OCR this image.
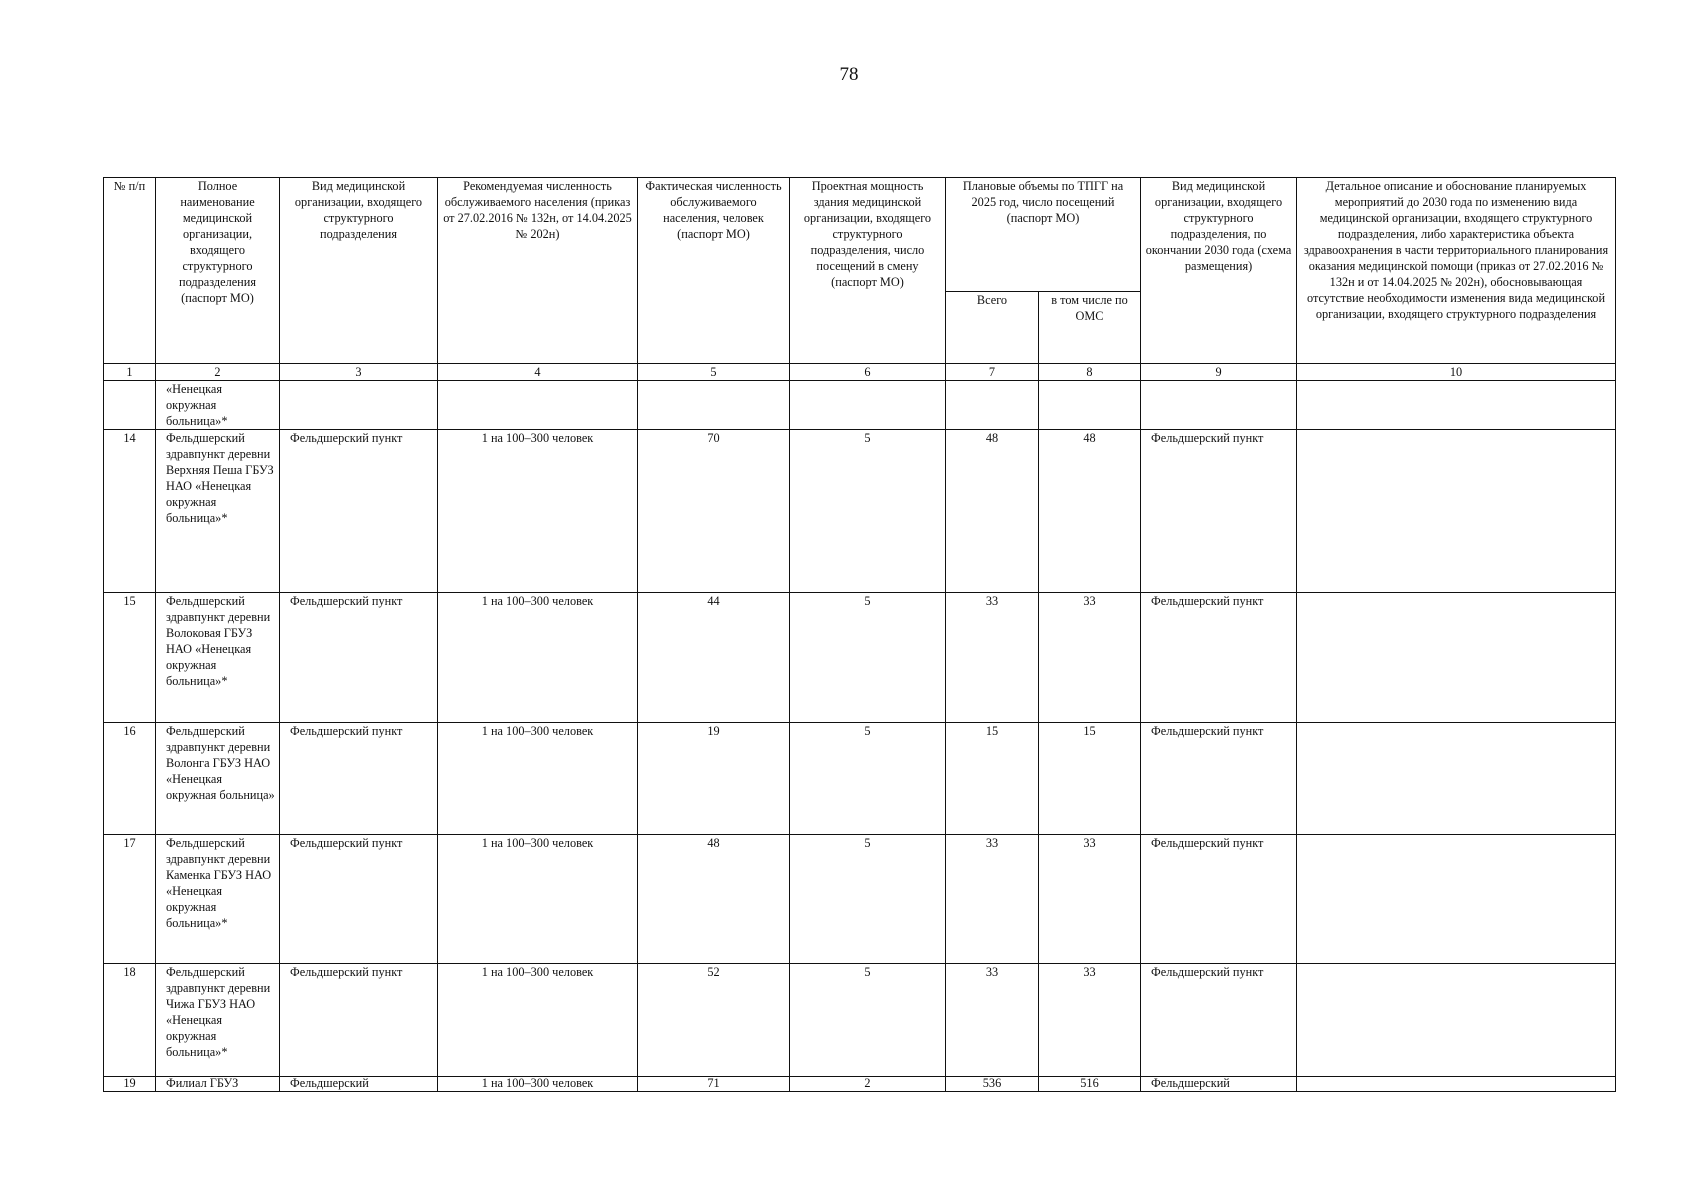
78
№ п/п	Полное наименование медицинской организации, входящего структурного подразделения (паспорт МО)	Вид медицинской организации, входящего структурного подразделения	Рекомендуемая численность обслуживаемого населения (приказ от 27.02.2016 № 132н, от 14.04.2025 № 202н)	Фактическая численность обслуживаемого населения, человек (паспорт МО)	Проектная мощность здания медицинской организации, входящего структурного подразделения, число посещений в смену (паспорт МО)	Плановые объемы по ТПГГ на 2025 год, число посещений (паспорт МО)		Вид медицинской организации, входящего структурного подразделения, по окончании 2030 года (схема размещения)	Детальное описание и обоснование планируемых мероприятий до 2030 года по изменению вида медицинской организации, входящего структурного подразделения, либо характеристика объекта здравоохранения в части территориального планирования оказания медицинской помощи (приказ от 27.02.2016 № 132н и от 14.04.2025 № 202н), обосновывающая отсутствие необходимости изменения вида медицинской организации, входящего структурного подразделения
						Всего	в том числе по ОМС		
1	2	3	4	5	6	7	8	9	10
	«Ненецкая окружная больница»*								
14	Фельдшерский здравпункт деревни Верхняя Пеша ГБУЗ НАО «Ненецкая окружная больница»*	Фельдшерский пункт	1 на 100–300 человек	70	5	48	48	Фельдшерский пункт	
15	Фельдшерский здравпункт деревни Волоковая ГБУЗ НАО «Ненецкая окружная больница»*	Фельдшерский пункт	1 на 100–300 человек	44	5	33	33	Фельдшерский пункт	
16	Фельдшерский здравпункт деревни Волонга ГБУЗ НАО «Ненецкая окружная больница»	Фельдшерский пункт	1 на 100–300 человек	19	5	15	15	Фельдшерский пункт	
17	Фельдшерский здравпункт деревни Каменка ГБУЗ НАО «Ненецкая окружная больница»*	Фельдшерский пункт	1 на 100–300 человек	48	5	33	33	Фельдшерский пункт	
18	Фельдшерский здравпункт деревни Чижа ГБУЗ НАО «Ненецкая окружная больница»*	Фельдшерский пункт	1 на 100–300 человек	52	5	33	33	Фельдшерский пункт	
19	Филиал ГБУЗ	Фельдшерский	1 на 100–300 человек	71	2	536	516	Фельдшерский	
